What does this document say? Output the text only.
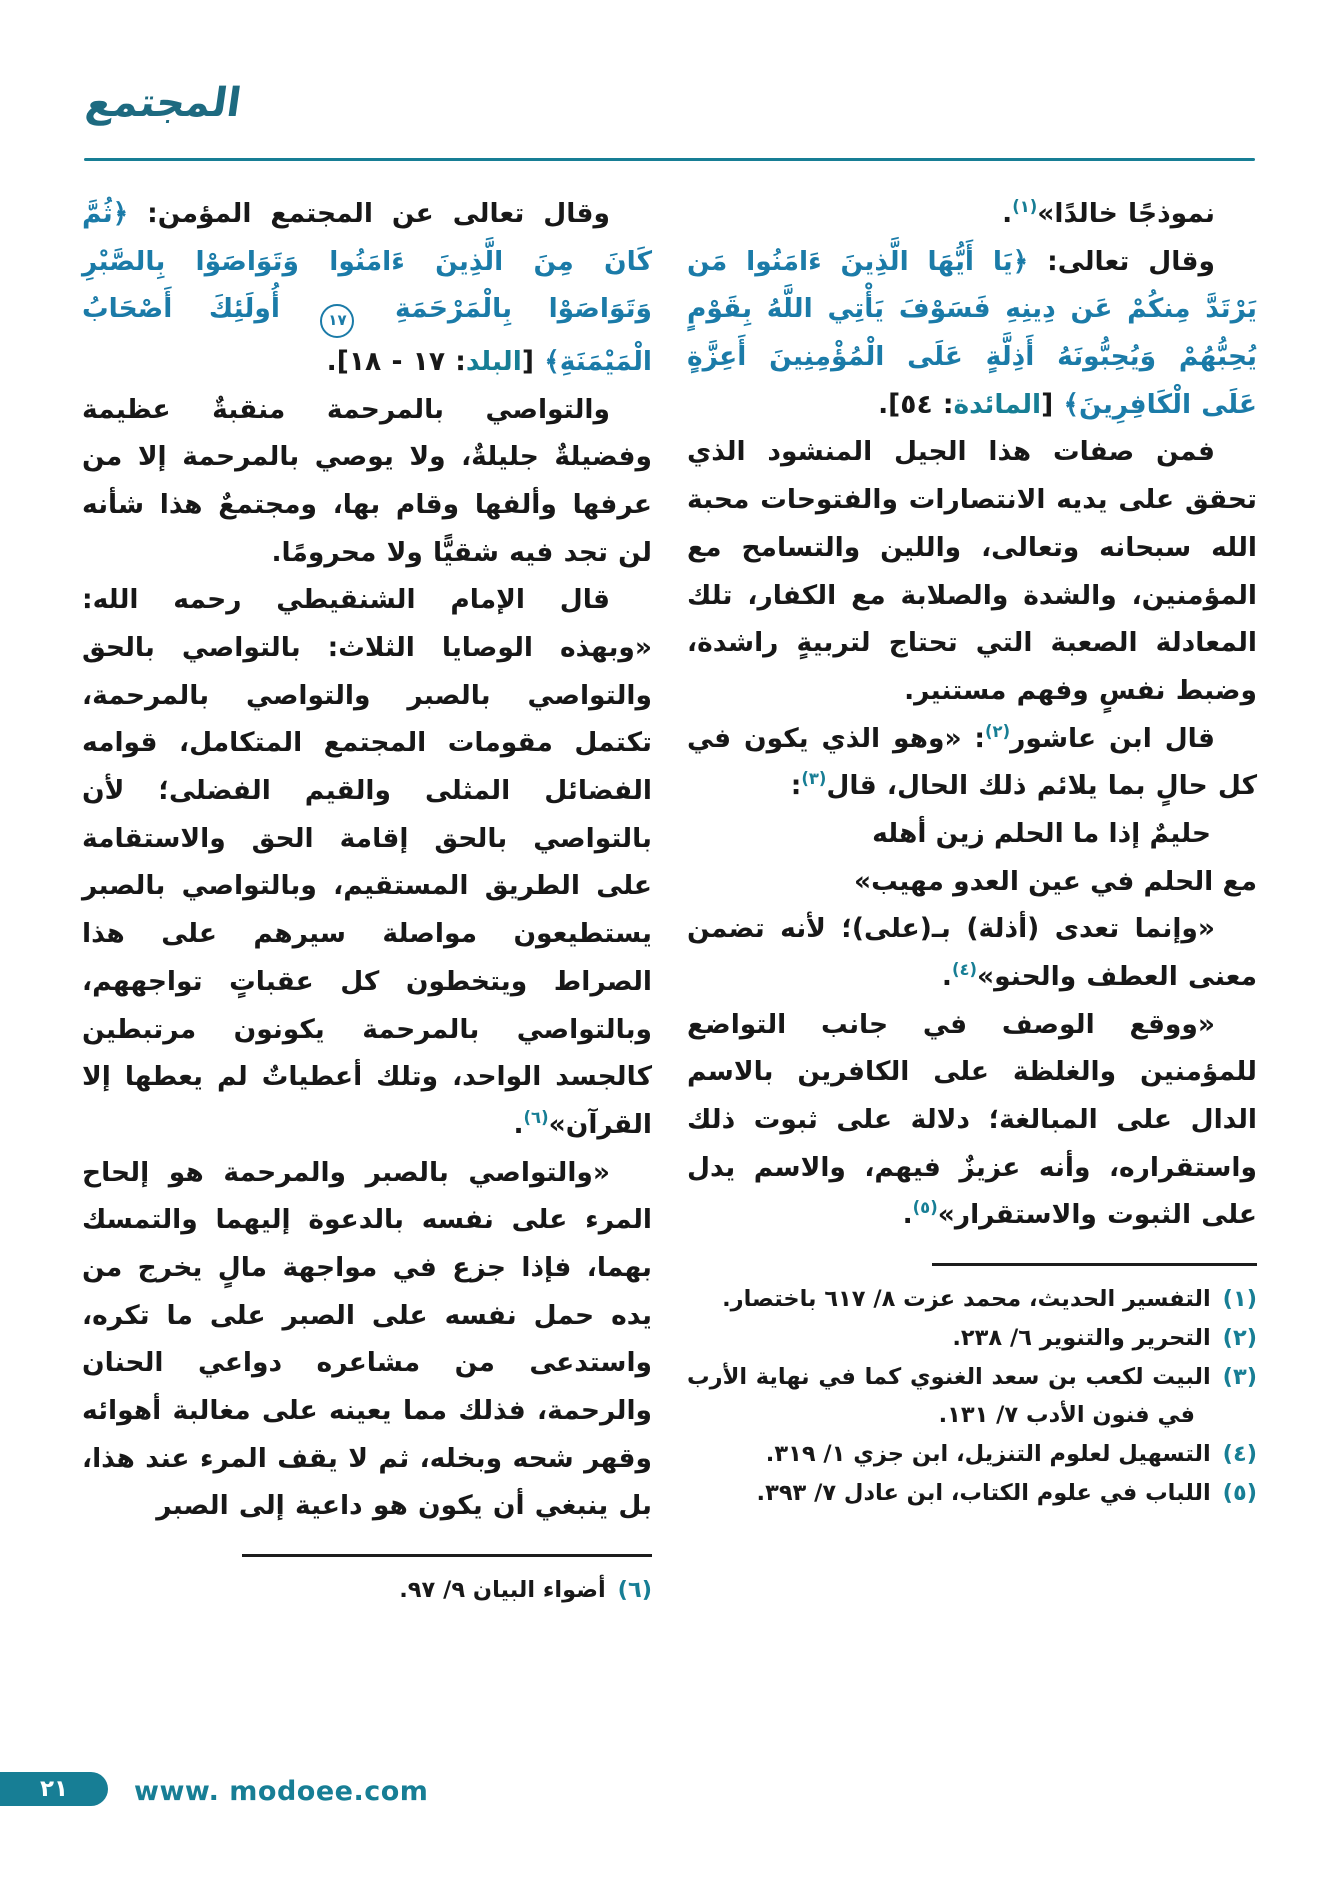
المجتمع

نموذجًا خالدًا»$^{(١)}$.

وقال تعالى: ﴿يَا أَيُّهَا الَّذِينَ ءَامَنُوا مَن يَرْتَدَّ مِنكُمْ عَن دِينِهِ فَسَوْفَ يَأْتِي اللَّهُ بِقَوْمٍ يُحِبُّهُمْ وَيُحِبُّونَهُ أَذِلَّةٍ عَلَى الْمُؤْمِنِينَ أَعِزَّةٍ عَلَى الْكَافِرِينَ﴾ [المائدة: ٥٤].

فمن صفات هذا الجيل المنشود الذي تحقق على يديه الانتصارات والفتوحات محبة الله سبحانه وتعالى، واللين والتسامح مع المؤمنين، والشدة والصلابة مع الكفار، تلك المعادلة الصعبة التي تحتاج لتربيةٍ راشدة، وضبط نفسٍ وفهم مستنير.

قال ابن عاشور$^{(٢)}$: «وهو الذي يكون في كل حالٍ بما يلائم ذلك الحال، قال$^{(٣)}$:

حليمٌ إذا ما الحلم زين أهله

مع الحلم في عين العدو مهيب»

«وإنما تعدى (أذلة) بـ(على)؛ لأنه تضمن معنى العطف والحنو»$^{(٤)}$.

«ووقع الوصف في جانب التواضع للمؤمنين والغلظة على الكافرين بالاسم الدال على المبالغة؛ دلالة على ثبوت ذلك واستقراره، وأنه عزيزٌ فيهم، والاسم يدل على الثبوت والاستقرار»$^{(٥)}$.

(١)التفسير الحديث، محمد عزت ٨/ ٦١٧ باختصار.

(٢)التحرير والتنوير ٦/ ٢٣٨.

(٣)البيت لكعب بن سعد الغنوي كما في نهاية الأرب في فنون الأدب ٧/ ١٣١.

(٤)التسهيل لعلوم التنزيل، ابن جزي ١/ ٣١٩.

(٥)اللباب في علوم الكتاب، ابن عادل ٧/ ٣٩٣.

وقال تعالى عن المجتمع المؤمن: ﴿ثُمَّ كَانَ مِنَ الَّذِينَ ءَامَنُوا وَتَوَاصَوْا بِالصَّبْرِ وَتَوَاصَوْا بِالْمَرْحَمَةِ ١٧ أُولَئِكَ أَصْحَابُ الْمَيْمَنَةِ﴾ [البلد: ١٧ - ١٨].

والتواصي بالمرحمة منقبةٌ عظيمة وفضيلةٌ جليلةٌ، ولا يوصي بالمرحمة إلا من عرفها وألفها وقام بها، ومجتمعٌ هذا شأنه لن تجد فيه شقيًّا ولا محرومًا.

قال الإمام الشنقيطي رحمه الله: «وبهذه الوصايا الثلاث: بالتواصي بالحق والتواصي بالصبر والتواصي بالمرحمة، تكتمل مقومات المجتمع المتكامل، قوامه الفضائل المثلى والقيم الفضلى؛ لأن بالتواصي بالحق إقامة الحق والاستقامة على الطريق المستقيم، وبالتواصي بالصبر يستطيعون مواصلة سيرهم على هذا الصراط ويتخطون كل عقباتٍ تواجههم، وبالتواصي بالمرحمة يكونون مرتبطين كالجسد الواحد، وتلك أعطياتٌ لم يعطها إلا القرآن»$^{(٦)}$.

«والتواصي بالصبر والمرحمة هو إلحاح المرء على نفسه بالدعوة إليهما والتمسك بهما، فإذا جزع في مواجهة مالٍ يخرج من يده حمل نفسه على الصبر على ما تكره، واستدعى من مشاعره دواعي الحنان والرحمة، فذلك مما يعينه على مغالبة أهوائه وقهر شحه وبخله، ثم لا يقف المرء عند هذا، بل ينبغي أن يكون هو داعية إلى الصبر

(٦)أضواء البيان ٩/ ٩٧.

٢١ www. modoee.com
